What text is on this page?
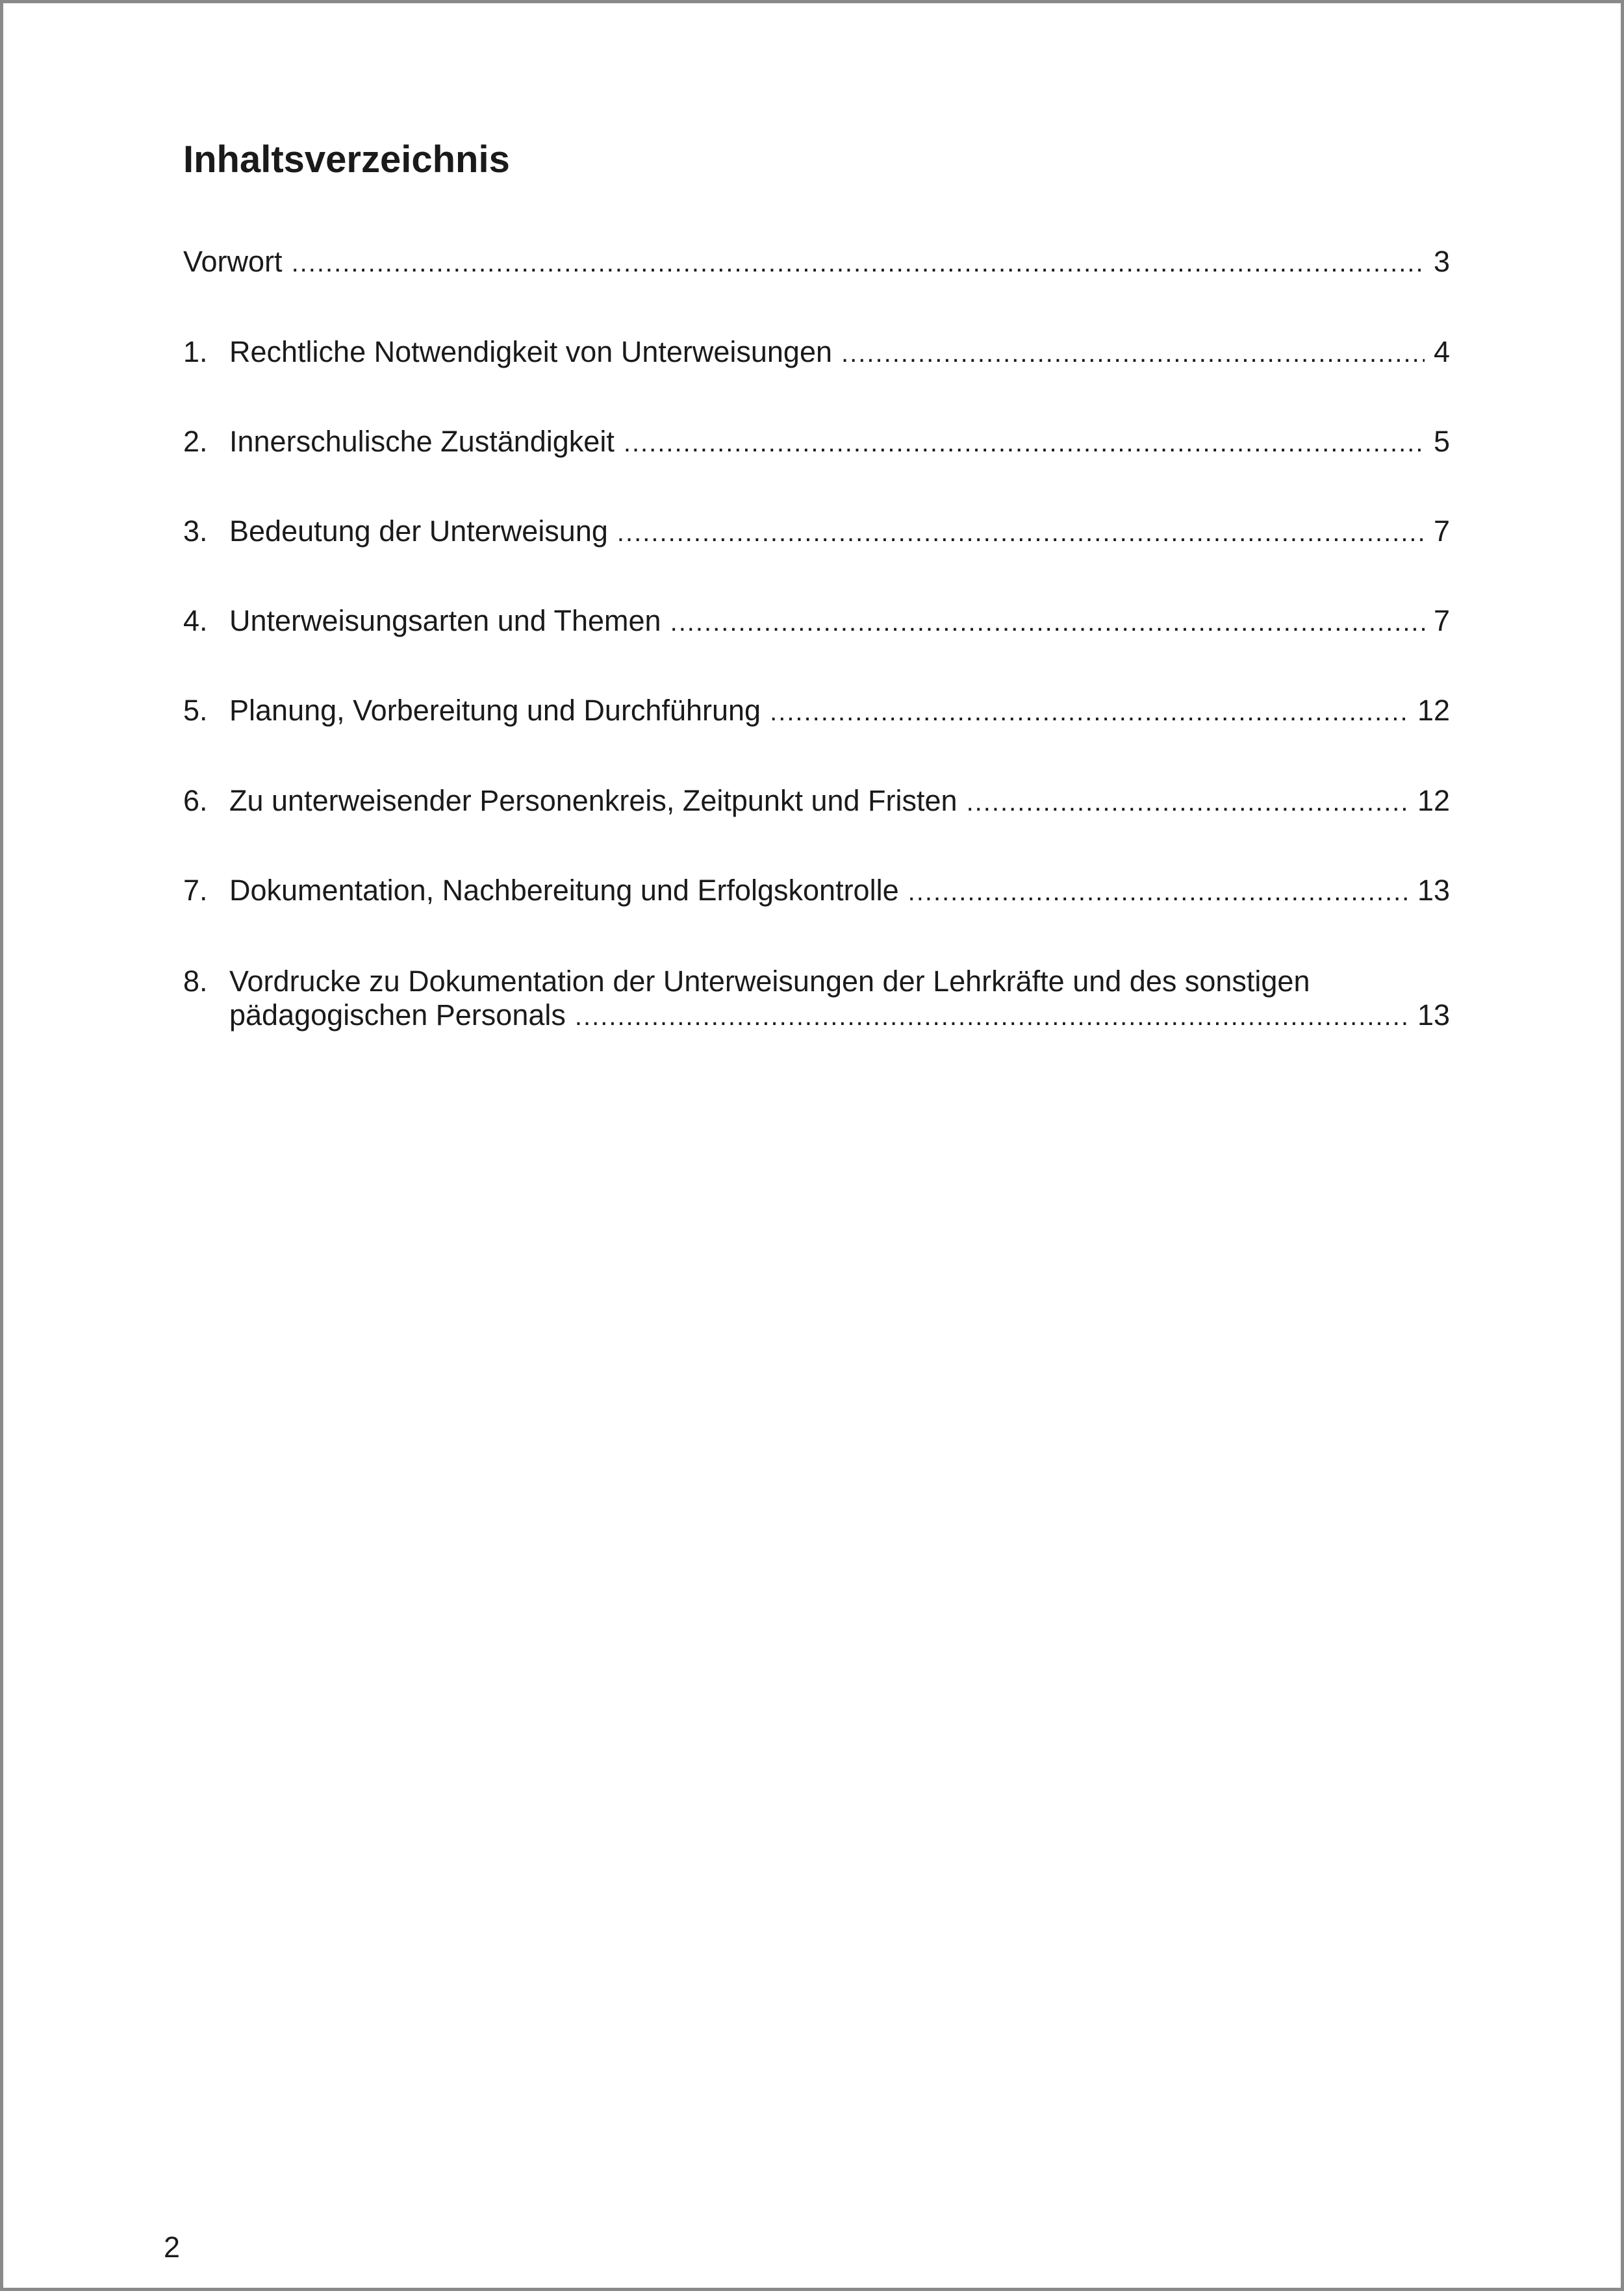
Inhaltsverzeichnis
Vorwort .....	3
1. Rechtliche Notwendigkeit von Unterweisungen .....	4
2. Innerschulische Zuständigkeit .....	5
3. Bedeutung der Unterweisung .....	7
4. Unterweisungsarten und Themen .....	7
5. Planung, Vorbereitung und Durchführung .....	12
6. Zu unterweisender Personenkreis, Zeitpunkt und Fristen .....	12
7. Dokumentation, Nachbereitung und Erfolgskontrolle .....	13
8. Vordrucke zu Dokumentation der Unterweisungen der Lehrkräfte und des sonstigen
pädagogischen Personals .....	13
2
